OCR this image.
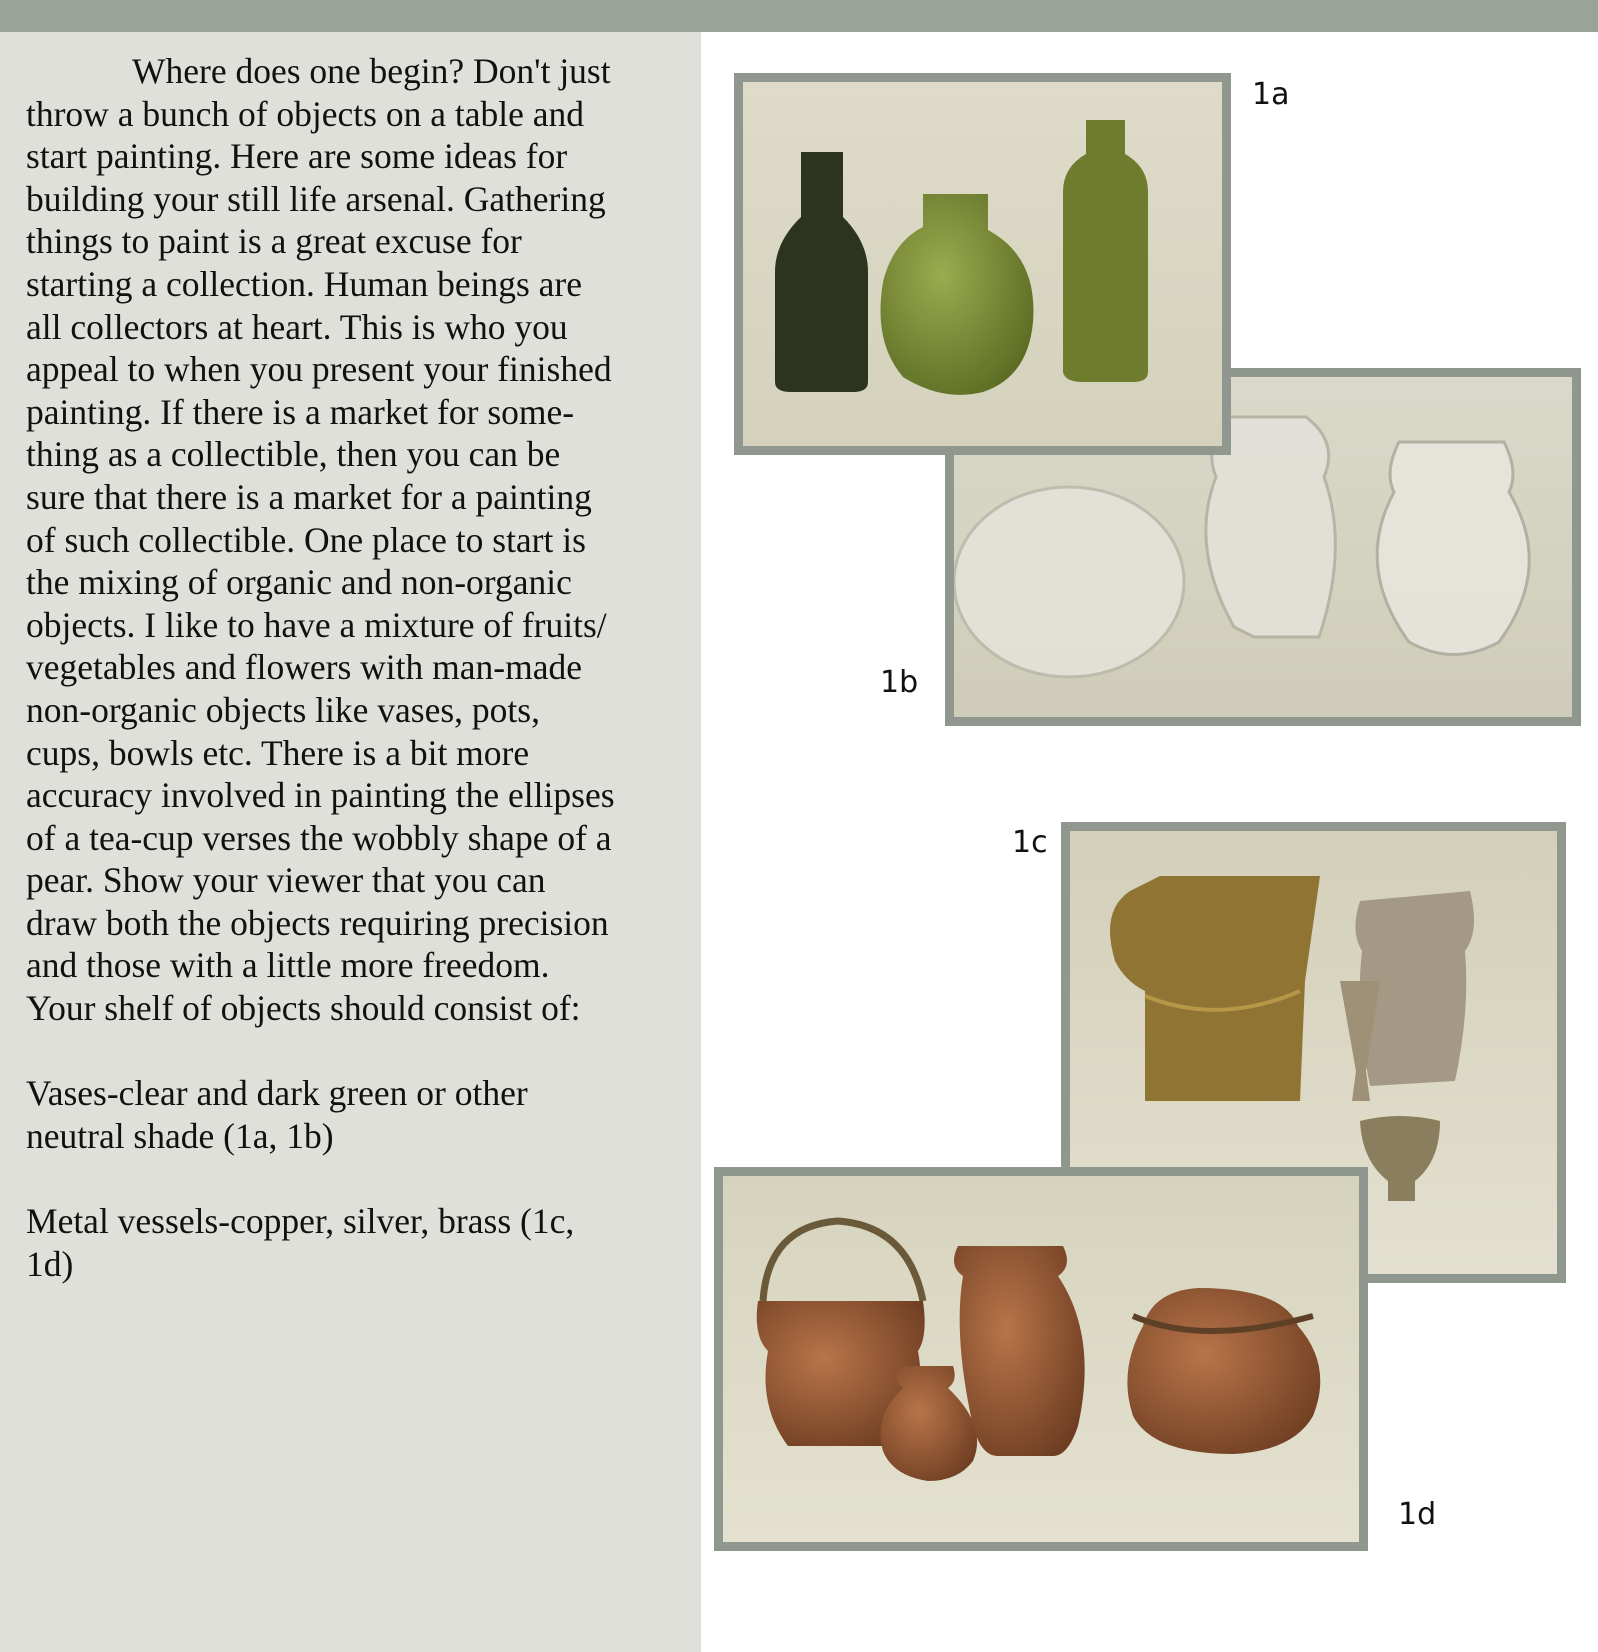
Where does one begin? Don't just
throw a bunch of objects on a table and
start painting. Here are some ideas for
building your still life arsenal. Gathering
things to paint is a great excuse for
starting a collection. Human beings are
all collectors at heart. This is who you
appeal to when you present your finished
painting. If there is a market for some-
thing as a collectible, then you can be
sure that there is a market for a painting
of such collectible. One place to start is
the mixing of organic and non-organic
objects. I like to have a mixture of fruits/
vegetables and flowers with man-made
non-organic objects like vases, pots,
cups, bowls etc. There is a bit more
accuracy involved in painting the ellipses
of a tea-cup verses the wobbly shape of a
pear. Show your viewer that you can
draw both the objects requiring precision
and those with a little more freedom.
Your shelf of objects should consist of:

Vases-clear and dark green or other
neutral shade (1a, 1b)

Metal vessels-copper, silver, brass (1c,
1d)

1a
1b
1c
1d
